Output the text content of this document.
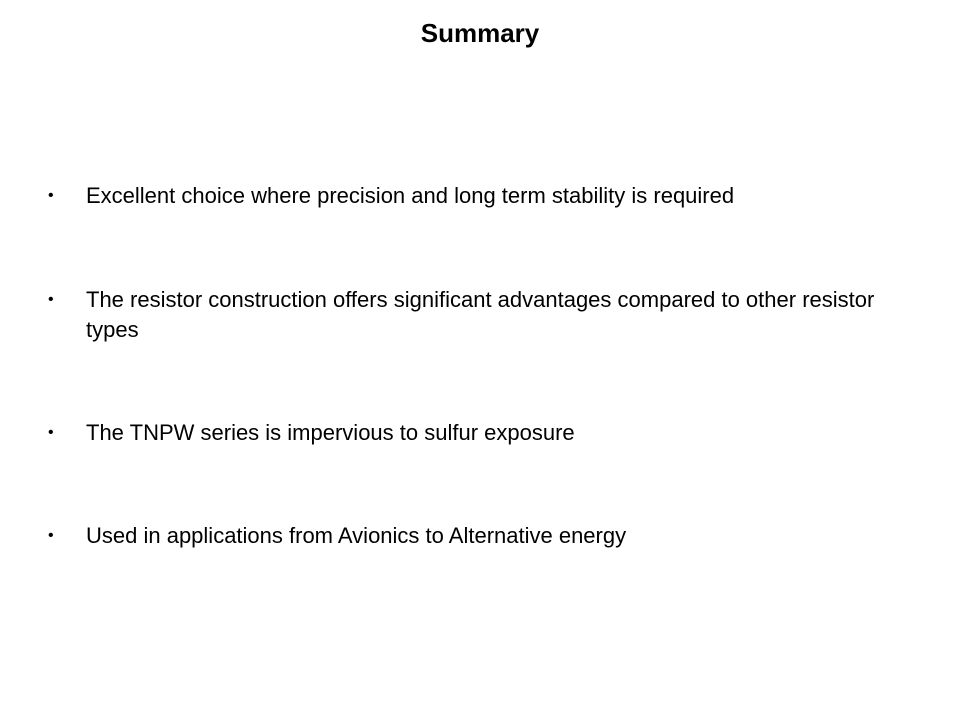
Summary
•	Excellent choice where precision and long term stability is required
•	The resistor construction offers significant advantages compared to other resistor types
•	The TNPW series is impervious to sulfur exposure
•	Used in applications from Avionics to Alternative energy
